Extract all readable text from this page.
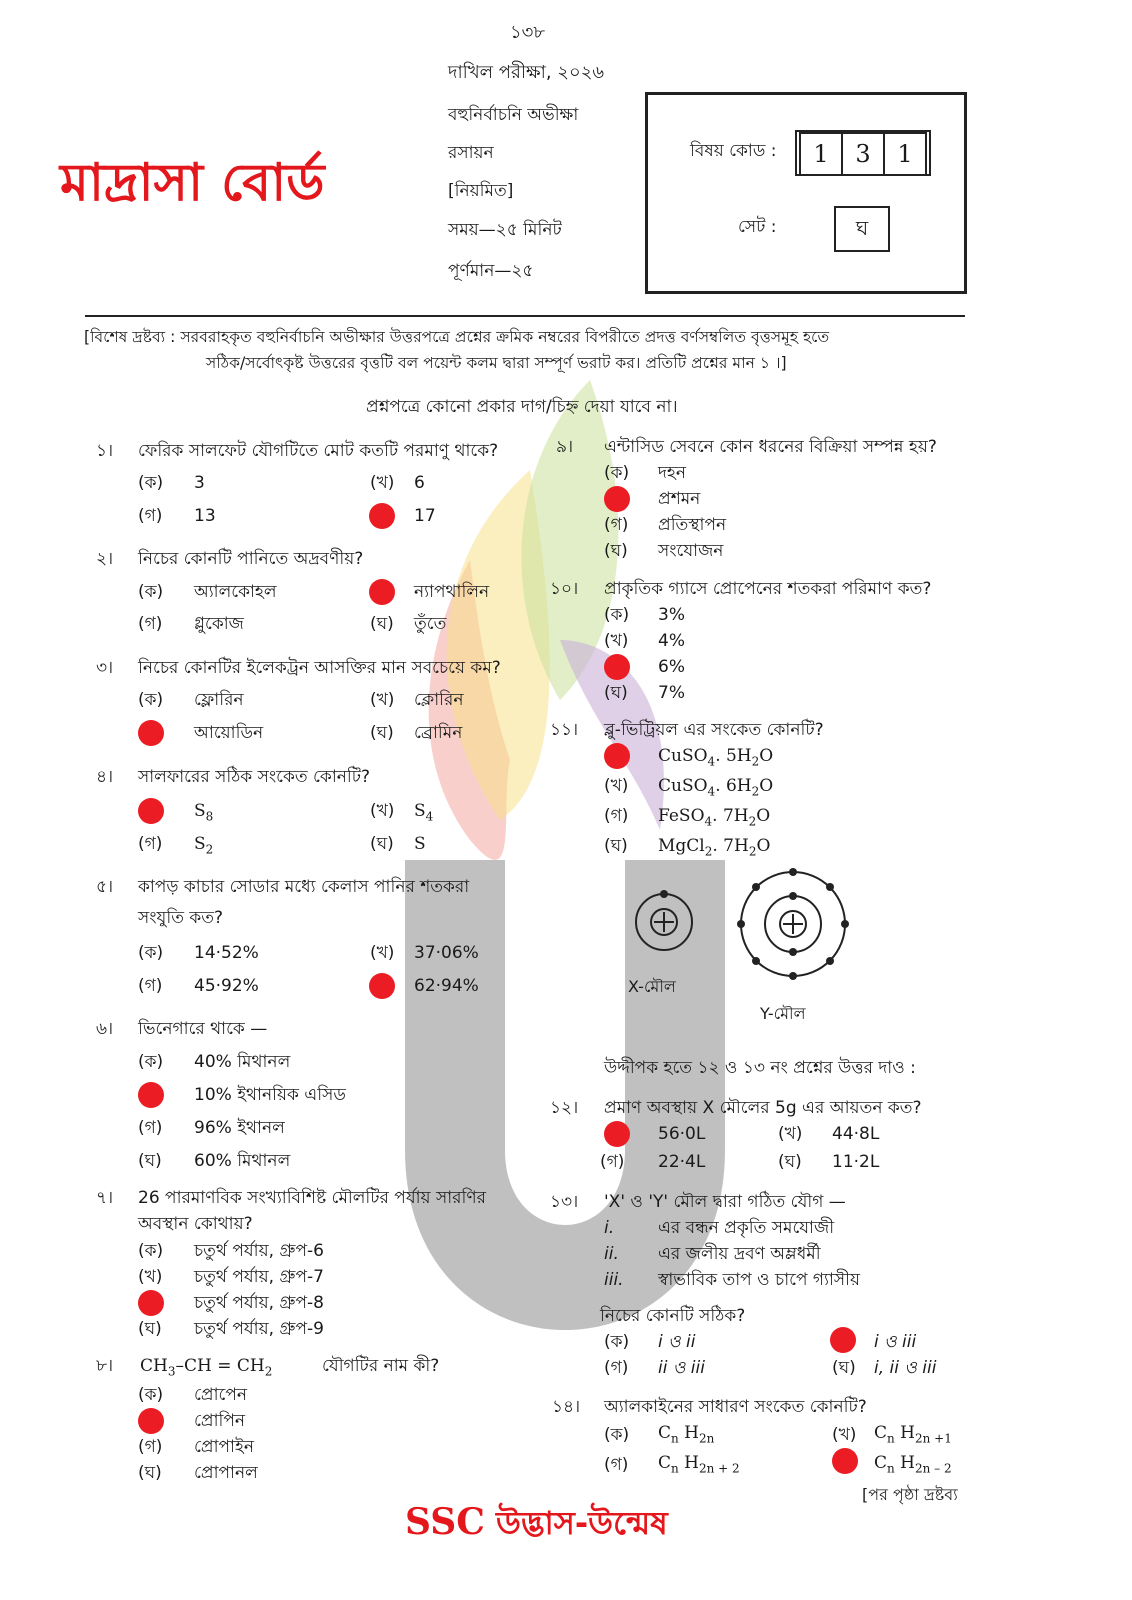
১৩৮
দাখিল পরীক্ষা, ২০২৬
বহুনির্বাচনি অভীক্ষা
রসায়ন
[নিয়মিত]
সময়—২৫ মিনিট
পূর্ণমান—২৫
মাদ্রাসা বোর্ড
বিষয় কোড :	1	3	1
সেট :	ঘ
[বিশেষ দ্রষ্টব্য : সরবরাহকৃত বহুনির্বাচনি অভীক্ষার উত্তরপত্রে প্রশ্নের ক্রমিক নম্বরের বিপরীতে প্রদত্ত বর্ণসম্বলিত বৃত্তসমূহ হতে
সঠিক/সর্বোৎকৃষ্ট উত্তরের বৃত্তটি বল পয়েন্ট কলম দ্বারা সম্পূর্ণ ভরাট কর। প্রতিটি প্রশ্নের মান ১ ।]
প্রশ্নপত্রে কোনো প্রকার দাগ/চিহ্ন দেয়া যাবে না।
১। ফেরিক সালফেট যৌগটিতে মোট কতটি পরমাণু থাকে?
(ক) 3	(খ) 6
(গ) 13	17
২। নিচের কোনটি পানিতে অদ্রবণীয়?
(ক) অ্যালকোহল	ন্যাপথালিন
(গ) গ্লুকোজ	(ঘ) তুঁতে
৩। নিচের কোনটির ইলেকট্রন আসক্তির মান সবচেয়ে কম?
(ক) ফ্লোরিন	(খ) ক্লোরিন
আয়োডিন	(ঘ) ব্রোমিন
৪। সালফারের সঠিক সংকেত কোনটি?
$S_8$	(খ) $S_4$
(গ) $S_2$	(ঘ) S
৫। কাপড় কাচার সোডার মধ্যে কেলাস পানির শতকরা
সংযুতি কত?
(ক) 14·52%	(খ) 37·06%
(গ) 45·92%	62·94%
৬। ভিনেগারে থাকে —
(ক) 40% মিথানল
10% ইথানয়িক এসিড
(গ) 96% ইথানল
(ঘ) 60% মিথানল
৭। 26 পারমাণবিক সংখ্যাবিশিষ্ট মৌলটির পর্যায় সারণির
অবস্থান কোথায়?
(ক) চতুর্থ পর্যায়, গ্রুপ-6
(খ) চতুর্থ পর্যায়, গ্রুপ-7
চতুর্থ পর্যায়, গ্রুপ-8
(ঘ) চতুর্থ পর্যায়, গ্রুপ-9
৮। $CH_3-CH = CH_2$	যৌগটির নাম কী?
(ক) প্রোপেন
প্রোপিন
(গ) প্রোপাইন
(ঘ) প্রোপানল
৯। এন্টাসিড সেবনে কোন ধরনের বিক্রিয়া সম্পন্ন হয়?
(ক) দহন
প্রশমন
(গ) প্রতিস্থাপন
(ঘ) সংযোজন
১০। প্রাকৃতিক গ্যাসে প্রোপেনের শতকরা পরিমাণ কত?
(ক) 3%
(খ) 4%
6%
(ঘ) 7%
১১। ব্লু-ভিট্রিয়ল এর সংকেত কোনটি?
CuSO$_4$. $5H_2O$
(খ) CuSO$_4$. $6H_2O$
(গ) FeSO$_4$. $7H_2O$
(ঘ) MgCl$_2$. $7H_2O$
X-মৌল
Y-মৌল
উদ্দীপক হতে ১২ ও ১৩ নং প্রশ্নের উত্তর দাও :
১২। প্রমাণ অবস্থায় X মৌলের 5g এর আয়তন কত?
56·0L	(খ) 44·8L
(গ) 22·4L	(ঘ) 11·2L
১৩। 'X' ও 'Y' মৌল দ্বারা গঠিত যৌগ —
i.	এর বন্ধন প্রকৃতি সমযোজী
ii. এর জলীয় দ্রবণ অম্লধর্মী
iii. স্বাভাবিক তাপ ও চাপে গ্যাসীয়
নিচের কোনটি সঠিক?
(ক) i ও ii	i ও iii
(গ) ii ও iii	(ঘ) i, ii ও iii
১৪। অ্যালকাইনের সাধারণ সংকেত কোনটি?
(ক) $C_n$ $H_{2n}$	(খ) $C_n$ $H_{2n +1}$
(গ) $C_n$ $H_{2n + 2}$	$C_n$ $H_{2n - 2}$
[পর পৃষ্ঠা দ্রষ্টব্য
SSC উদ্ভাস-উন্মেষ
